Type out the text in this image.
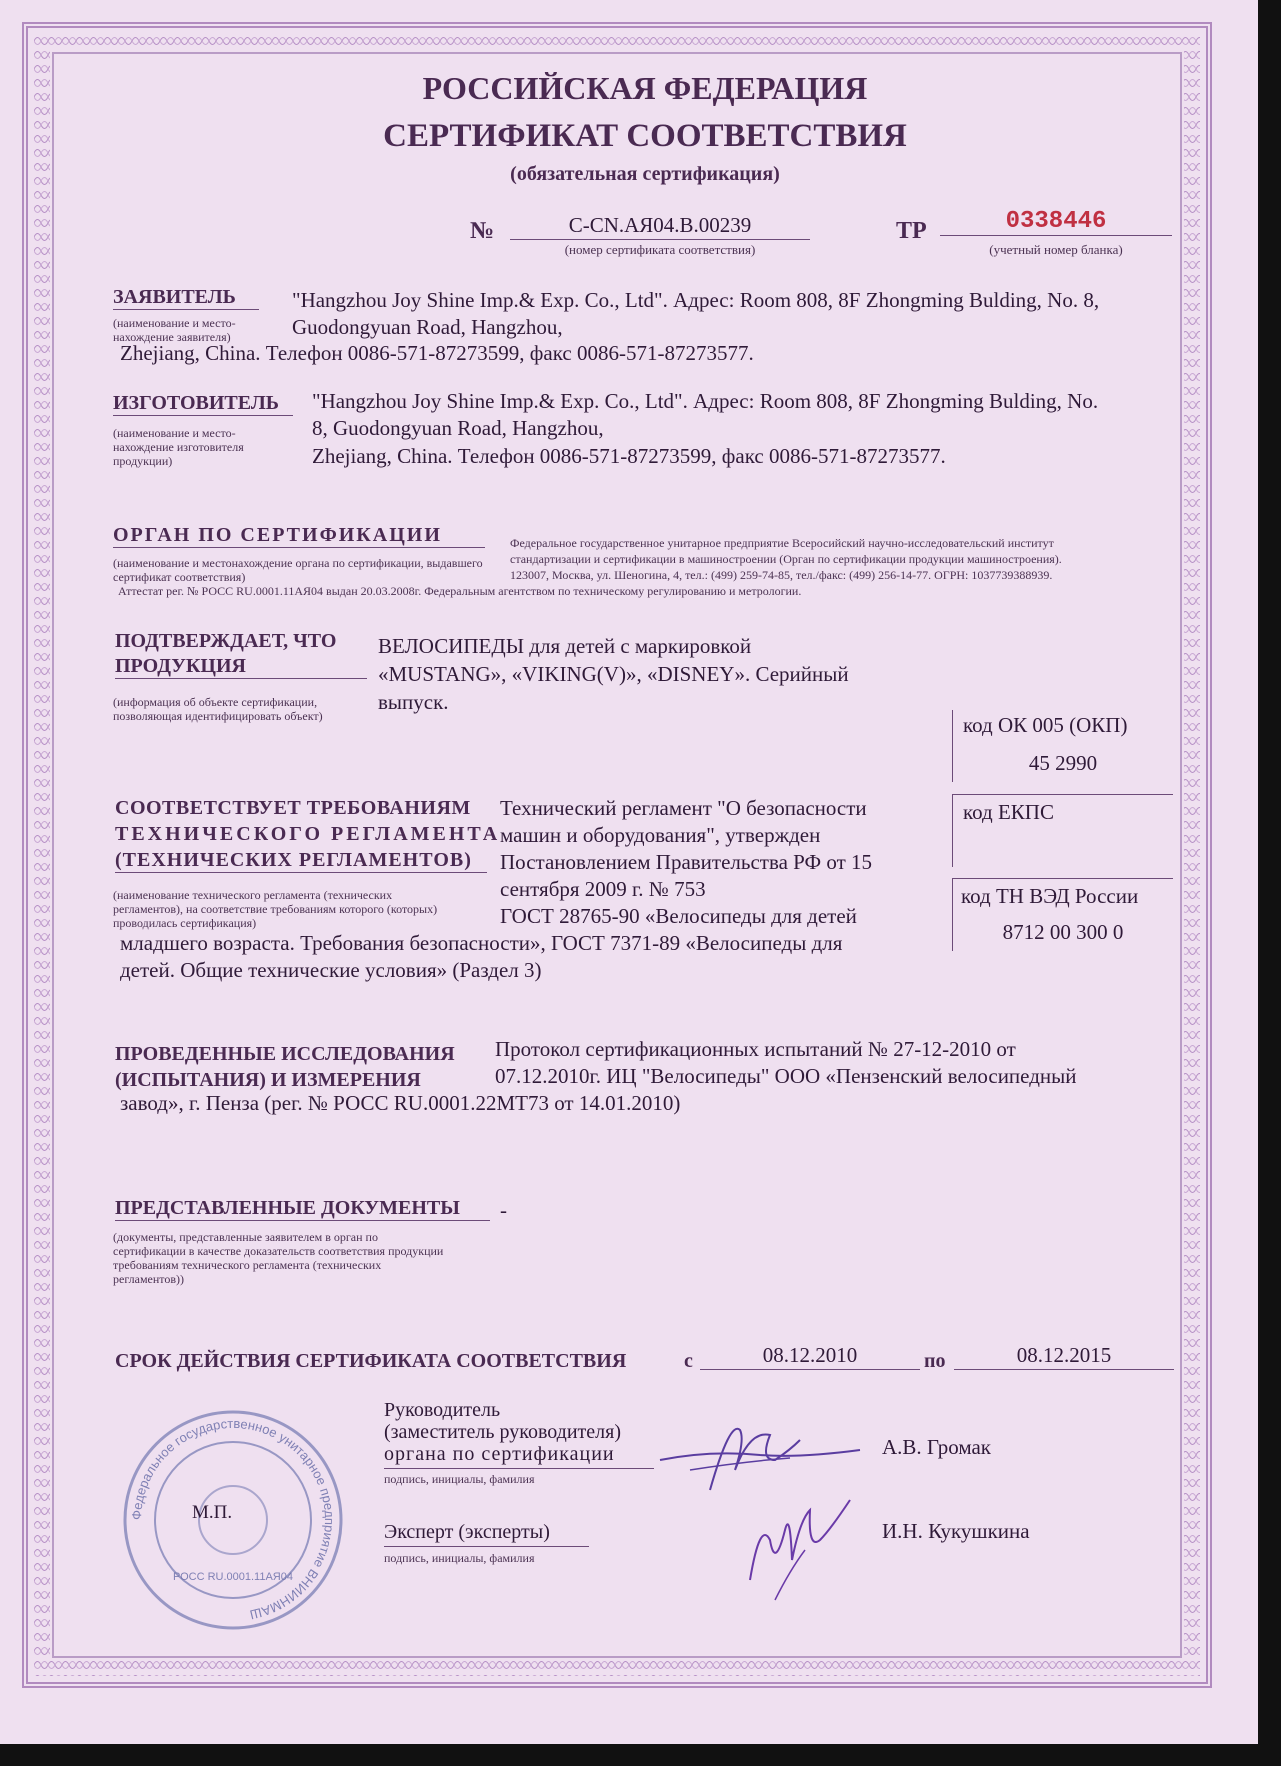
РОССИЙСКАЯ ФЕДЕРАЦИЯ
СЕРТИФИКАТ СООТВЕТСТВИЯ
(обязательная сертификация)
№	С-CN.АЯ04.В.00239
(номер сертификата соответствия)
ТР	0338446
(учетный номер бланка)
ЗАЯВИТЕЛЬ
(наименование и место-нахождение заявителя)
"Hangzhou Joy Shine Imp.& Exp. Co., Ltd". Адрес: Room 808, 8F Zhongming Bulding, No. 8,
Guodongyuan Road, Hangzhou,
Zhejiang, China. Телефон 0086-571-87273599, факс 0086-571-87273577.
ИЗГОТОВИТЕЛЬ
(наименование и место-нахождение изготовителя продукции)
"Hangzhou Joy Shine Imp.& Exp. Co., Ltd". Адрес: Room 808, 8F Zhongming Bulding, No.
8, Guodongyuan Road, Hangzhou,
Zhejiang, China. Телефон 0086-571-87273599, факс 0086-571-87273577.
ОРГАН ПО СЕРТИФИКАЦИИ
(наименование и местонахождение органа по сертификации, выдавшего сертификат соответствия)
Федеральное государственное унитарное предприятие Всеросийский научно-исследовательский институт
стандартизации и сертификации в машиностроении (Орган по сертификации продукции машиностроения).
123007, Москва, ул. Шеногина, 4, тел.: (499) 259-74-85, тел./факс: (499) 256-14-77. ОГРН: 1037739388939.
Аттестат рег. № РОСС RU.0001.11АЯ04 выдан 20.03.2008г. Федеральным агентством по техническому регулированию и метрологии.
ПОДТВЕРЖДАЕТ, ЧТО
ПРОДУКЦИЯ
(информация об объекте сертификации, позволяющая идентифицировать объект)
ВЕЛОСИПЕДЫ для детей с маркировкой
«MUSTANG», «VIKING(V)», «DISNEY». Серийный
выпуск.
код ОК 005 (ОКП)
45 2990
код ЕКПС
код ТН ВЭД России
8712 00 300 0
СООТВЕТСТВУЕТ ТРЕБОВАНИЯМ
ТЕХНИЧЕСКОГО РЕГЛАМЕНТА
(ТЕХНИЧЕСКИХ РЕГЛАМЕНТОВ)
(наименование технического регламента (технических регламентов), на соответствие требованиям которого (которых) проводилась сертификация)
Технический регламент "О безопасности
машин и оборудования", утвержден
Постановлением Правительства РФ от 15
сентября 2009 г. № 753
ГОСТ 28765-90 «Велосипеды для детей
младшего возраста. Требования безопасности», ГОСТ 7371-89 «Велосипеды для
детей. Общие технические условия» (Раздел 3)
ПРОВЕДЕННЫЕ ИССЛЕДОВАНИЯ
(ИСПЫТАНИЯ) И ИЗМЕРЕНИЯ
Протокол сертификационных испытаний № 27-12-2010 от
07.12.2010г. ИЦ "Велосипеды" ООО «Пензенский велосипедный
завод», г. Пенза (рег. № РОСС RU.0001.22МТ73 от 14.01.2010)
ПРЕДСТАВЛЕННЫЕ ДОКУМЕНТЫ	-
(документы, представленные заявителем в орган по сертификации в качестве доказательств соответствия продукции требованиям технического регламента (технических регламентов))
СРОК ДЕЙСТВИЯ СЕРТИФИКАТА СООТВЕТСТВИЯ	с	08.12.2010	по	08.12.2015
Федеральное государственное унитарное предприятие ВНИИНМАШ
РОСС RU.0001.11АЯ04
М.П.
Руководитель
(заместитель руководителя)
органа по сертификации
подпись, инициалы, фамилия
А.В. Громак
Эксперт (эксперты)
подпись, инициалы, фамилия
И.Н. Кукушкина
